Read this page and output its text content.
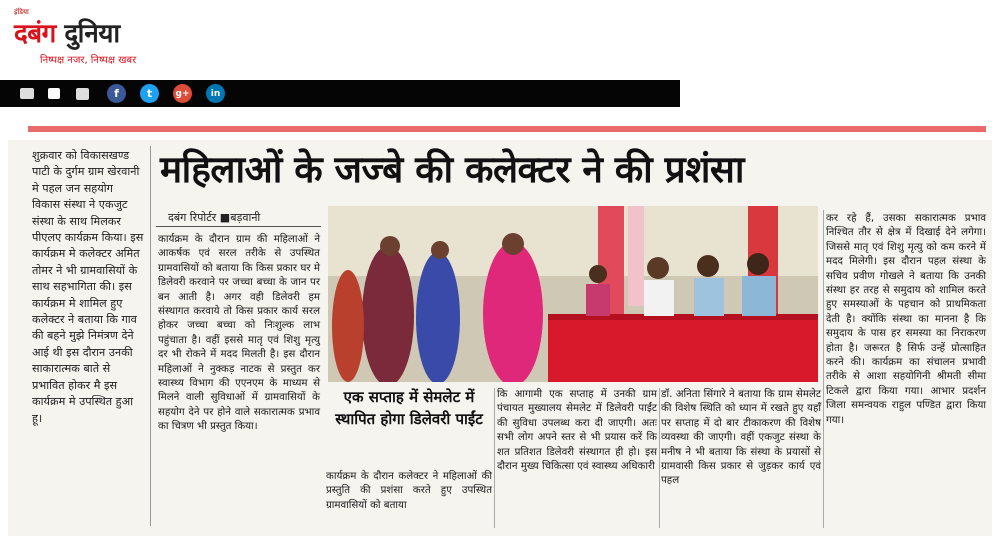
इंडिया
दबंग दुनिया
निष्पक्ष नजर, निष्पक्ष खबर
f	t	g+	in
शुक्रवार को विकासखण्ड पाटी के दुर्गम ग्राम खेरवानी मे पहल जन सहयोग विकास संस्था ने एकजुट संस्था के साथ मिलकर पीएलए कार्यक्रम किया। इस कार्यक्रम मे कलेक्टर अमित तोमर ने भी ग्रामवासियों के साथ सहभागिता की। इस कार्यक्रम मे शामिल हुए कलेक्टर ने बताया कि गाव की बहने मुझे निमंत्रण देने आई थी इस दौरान उनकी साकारात्मक बाते से प्रभावित होकर मै इस कार्यक्रम मे उपस्थित हुआ हू।
महिलाओं के जज्बे की कलेक्टर ने की प्रशंसा
दबंग रिपोर्टर ■बड़वानी
कार्यक्रम के दौरान ग्राम की महिलाओं ने आकर्षक एवं सरल तरीके से उपस्थित ग्रामवासियों को बताया कि किस प्रकार घर मे डिलेवरी करवाने पर जच्चा बच्चा के जान पर बन आती है। अगर वही डिलेवरी हम संस्थागत करवाये तो किस प्रकार कार्य सरल होकर जच्चा बच्चा को निःशुल्क लाभ पहुंचाता है। वहीं इससे मातृ एवं शिशु मृत्यु दर भी रोकने में मदद मिलती है। इस दौरान महिलाओं ने नुक्कड़ नाटक से प्रस्तुत कर स्वास्थ्य विभाग की एएनएम के माध्यम से मिलने वाली सुविधाओं में ग्रामवासियों के सहयोग देने पर होने वाले सकारात्मक प्रभाव का चित्रण भी प्रस्तुत किया।
एक सप्ताह में सेमलेट में स्थापित होगा डिलेवरी पाईंट
कार्यक्रम के दौरान कलेक्टर ने महिलाओं की प्रस्तुति की प्रशंसा करते हुए उपस्थित ग्रामवासियों को बताया
कि आगामी एक सप्ताह में उनकी ग्राम पंचायत मुख्यालय सेमलेट में डिलेवरी पाईंट की सुविधा उपलब्ध करा दी जाएगी। अतः सभी लोग अपने स्तर से भी प्रयास करें कि शत प्रतिशत डिलेवरी संस्थागत ही हो। इस दौरान मुख्य चिकित्सा एवं स्वास्थ्य अधिकारी
डॉ. अनिता सिंगारे ने बताया कि ग्राम सेमलेट की विशेष स्थिति को ध्यान में रखते हुए यहाँ पर सप्ताह में दो बार टीकाकरण की विशेष व्यवस्था की जाएगी। वहीं एकजुट संस्था के मनीष ने भी बताया कि संस्था के प्रयासों से ग्रामवासी किस प्रकार से जुड़कर कार्य एवं पहल
कर रहे हैं, उसका सकारात्मक प्रभाव निश्चित तौर से क्षेत्र में दिखाई देने लगेगा। जिससे मातृ एवं शिशु मृत्यु को कम करने में मदद मिलेगी। इस दौरान पहल संस्था के सचिव प्रवीण गोखले ने बताया कि उनकी संस्था हर तरह से समुदाय को शामिल करते हुए समस्याओं के पहचान को प्राथमिकता देती है। क्योंकि संस्था का मानना है कि समुदाय के पास हर समस्या का निराकरण होता है। जरूरत है सिर्फ उन्हें प्रोत्साहित करने की। कार्यक्रम का संचालन प्रभावी तरीके से आशा सहयोगिनी श्रीमती सीमा टिकले द्वारा किया गया। आभार प्रदर्शन जिला समन्वयक राहुल पण्डित द्वारा किया गया।
